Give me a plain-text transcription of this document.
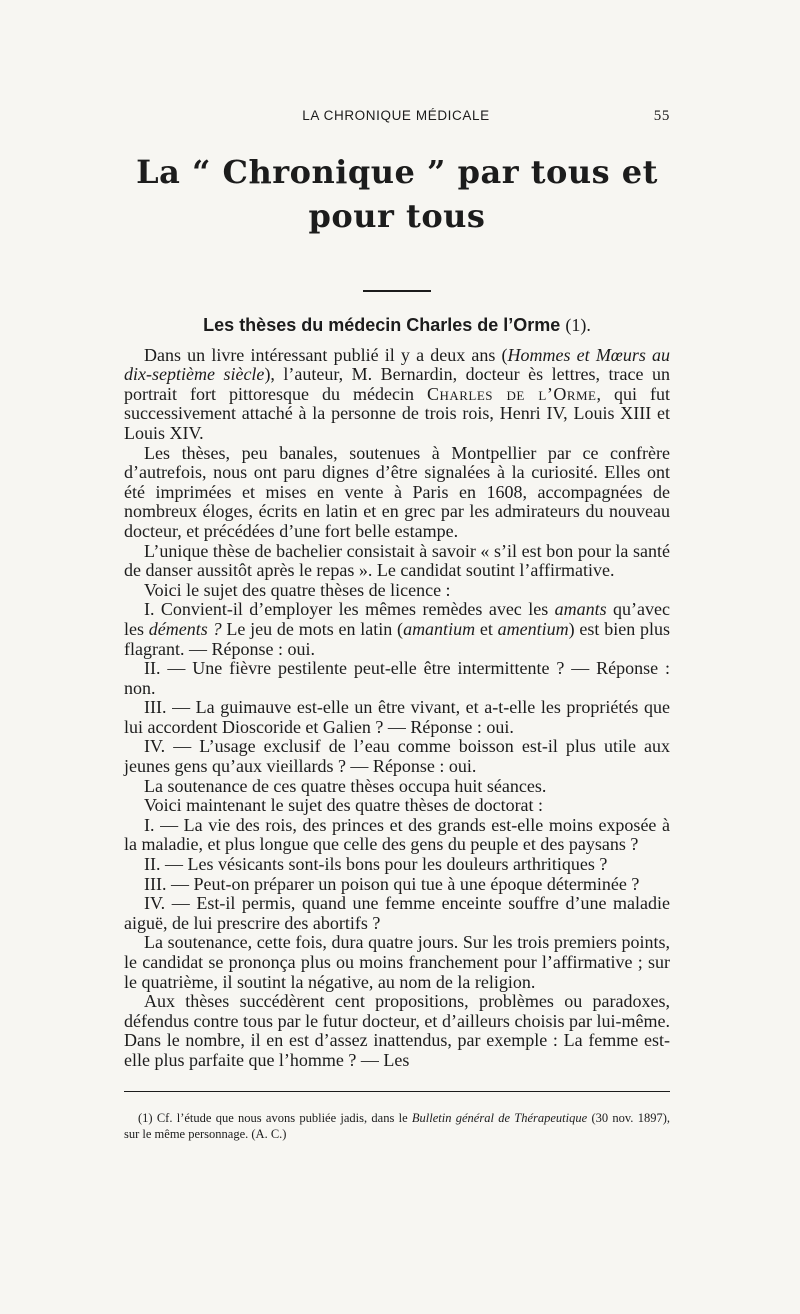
LA CHRONIQUE MÉDICALE	55
La “ Chronique ” par tous et pour tous
Les thèses du médecin Charles de l’Orme (1).

Dans un livre intéressant publié il y a deux ans (Hommes et Mœurs au dix-septième siècle), l’auteur, M. Bernardin, docteur ès lettres, trace un portrait fort pittoresque du médecin Charles de l’Orme, qui fut successivement attaché à la personne de trois rois, Henri IV, Louis XIII et Louis XIV.

Les thèses, peu banales, soutenues à Montpellier par ce confrère d’autrefois, nous ont paru dignes d’être signalées à la curiosité. Elles ont été imprimées et mises en vente à Paris en 1608, accompagnées de nombreux éloges, écrits en latin et en grec par les admirateurs du nouveau docteur, et précédées d’une fort belle estampe.

L’unique thèse de bachelier consistait à savoir « s’il est bon pour la santé de danser aussitôt après le repas ». Le candidat soutint l’affirmative.

Voici le sujet des quatre thèses de licence :

I. Convient-il d’employer les mêmes remèdes avec les amants qu’avec les déments ? Le jeu de mots en latin (amantium et amentium) est bien plus flagrant. — Réponse : oui.

II. — Une fièvre pestilente peut-elle être intermittente ? — Réponse : non.

III. — La guimauve est-elle un être vivant, et a-t-elle les propriétés que lui accordent Dioscoride et Galien ? — Réponse : oui.

IV. — L’usage exclusif de l’eau comme boisson est-il plus utile aux jeunes gens qu’aux vieillards ? — Réponse : oui.

La soutenance de ces quatre thèses occupa huit séances.

Voici maintenant le sujet des quatre thèses de doctorat :

I. — La vie des rois, des princes et des grands est-elle moins exposée à la maladie, et plus longue que celle des gens du peuple et des paysans ?

II. — Les vésicants sont-ils bons pour les douleurs arthritiques ?

III. — Peut-on préparer un poison qui tue à une époque déterminée ?

IV. — Est-il permis, quand une femme enceinte souffre d’une maladie aiguë, de lui prescrire des abortifs ?

La soutenance, cette fois, dura quatre jours. Sur les trois premiers points, le candidat se prononça plus ou moins franchement pour l’affirmative ; sur le quatrième, il soutint la négative, au nom de la religion.

Aux thèses succédèrent cent propositions, problèmes ou paradoxes, défendus contre tous par le futur docteur, et d’ailleurs choisis par lui-même. Dans le nombre, il en est d’assez inattendus, par exemple : La femme est-elle plus parfaite que l’homme ? — Les

(1) Cf. l’étude que nous avons publiée jadis, dans le Bulletin général de Thérapeutique (30 nov. 1897), sur le même personnage. (A. C.)
